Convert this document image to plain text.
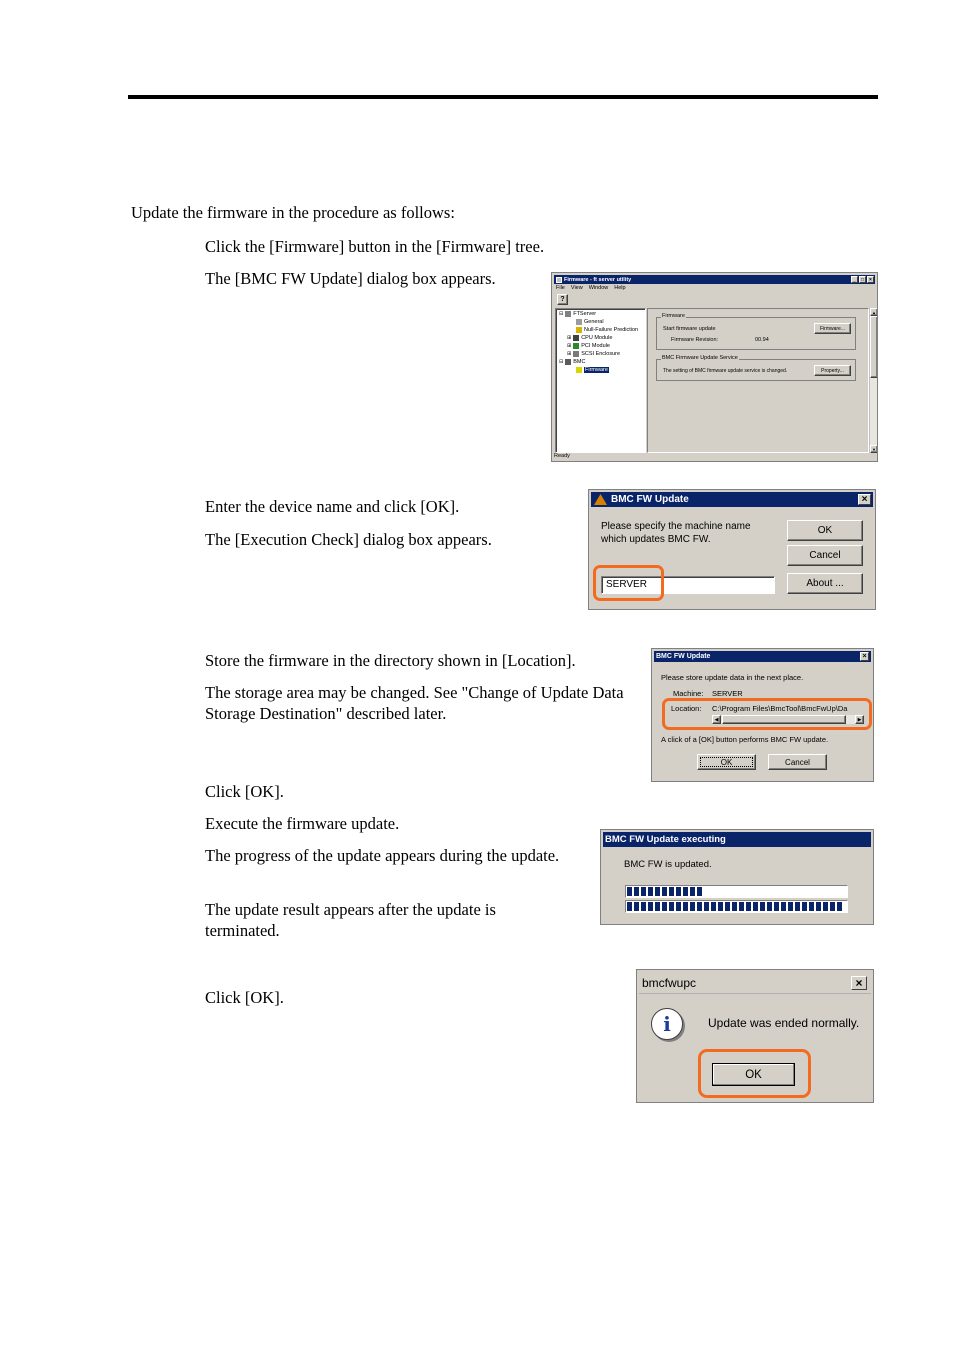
Update the firmware in the procedure as follows:
Click the [Firmware] button in the [Firmware] tree.
The [BMC FW Update] dialog box appears.
Enter the device name and click [OK].
The [Execution Check] dialog box appears.
Store the firmware in the directory shown in [Location].
The storage area may be changed. See "Change of Update Data Storage Destination" described later.
Click [OK].
Execute the firmware update.
The progress of the update appears during the update.
The update result appears after the update is terminated.
Click [OK].
Firmware - ft server utility	_	□	×
File View Window Help
?
⊟ FTServer
General
Null-Failure Prediction
⊞ CPU Module
⊞ PCI Module
⊞ SCSI Enclosure
⊟ BMC
Firmware
Firmware
Start firmware update
Firmware Revision:	00.94
Firmware...
BMC Firmware Update Service
The setting of BMC firmware update service is changed.	Property...
▲
▼
Ready
BMC FW Update	×
Please specify the machine name which updates BMC FW.
SERVER
OK
Cancel
About ...
BMC FW Update	×
Please store update data in the next place.
Machine: SERVER
Location: C:\Program Files\BmcTool\BmcFwUp\Da
◀	▶
A click of a [OK] button performs BMC FW update.
OK	Cancel
BMC FW Update executing
BMC FW is updated.
bmcfwupc	×
i	Update was ended normally.
OK
